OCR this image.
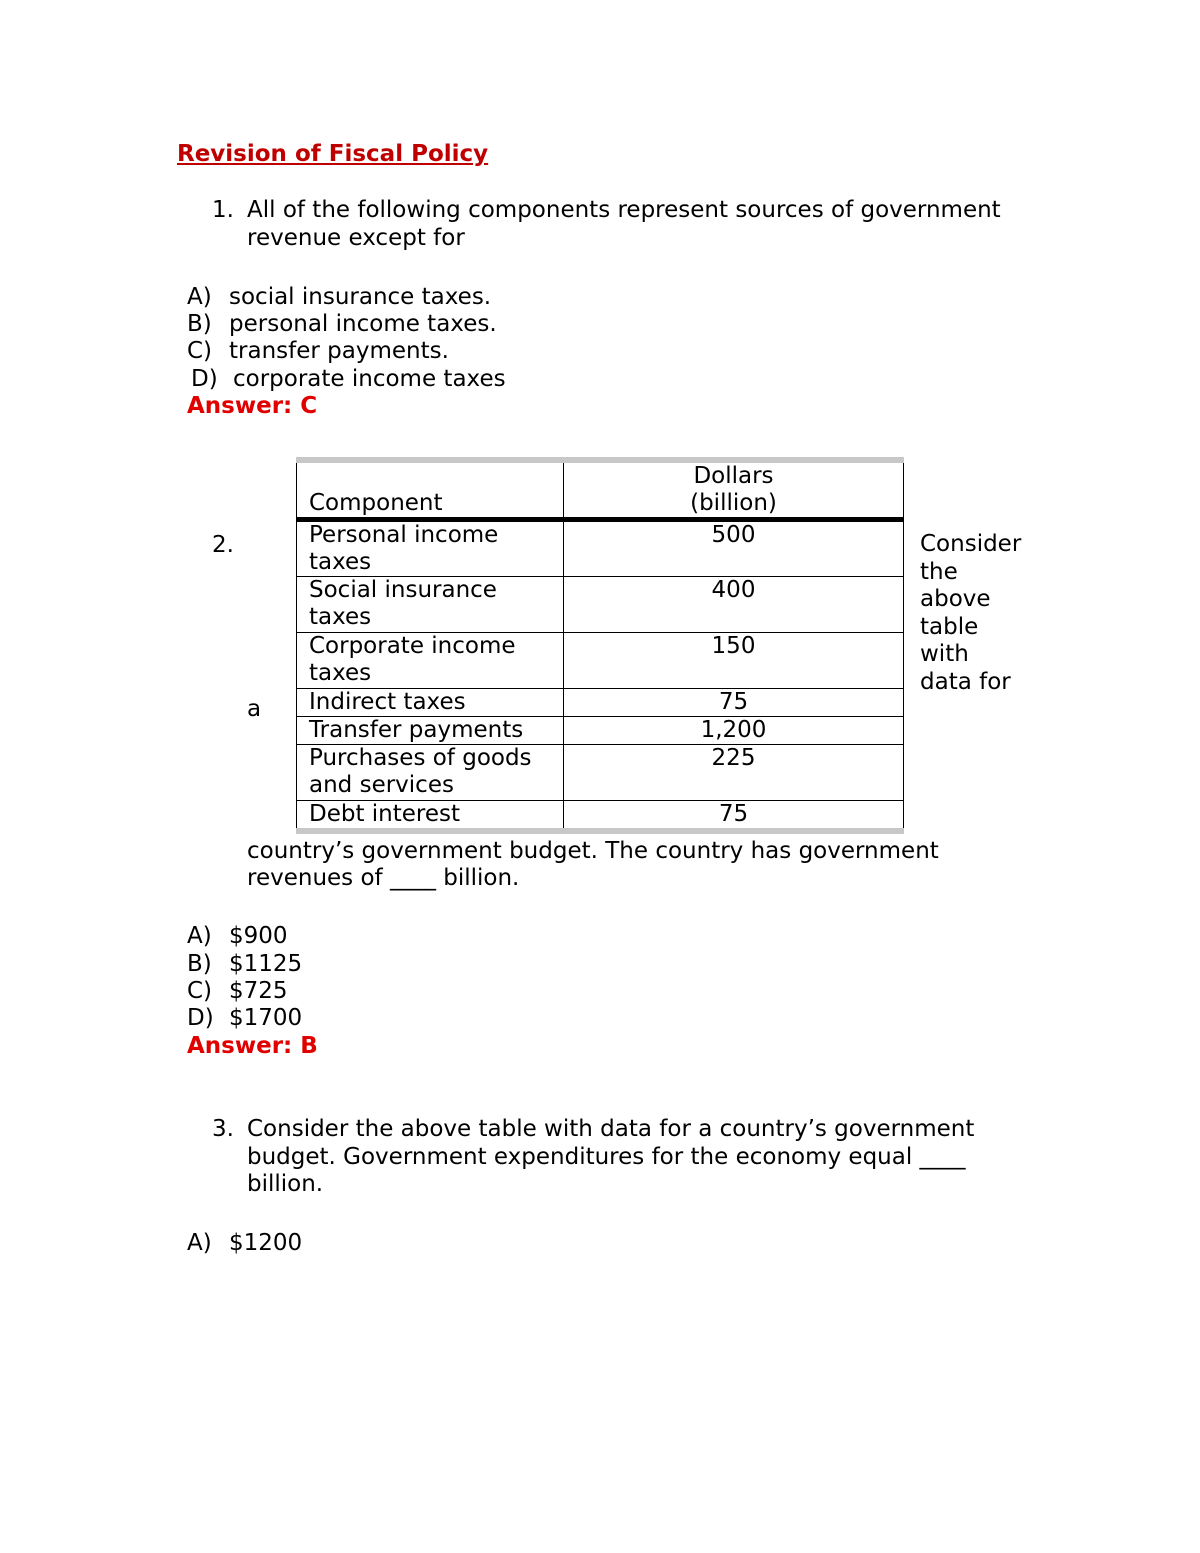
Revision of Fiscal Policy
1. All of the following components represent sources of government
revenue except for
A) social insurance taxes.
B) personal income taxes.
C) transfer payments.
D) corporate income taxes
Answer: C
2.
a
Component	Dollars
(billion)

Personal income taxes	500
Social insurance taxes	400
Corporate income taxes	150
Indirect taxes	75
Transfer payments	1,200
Purchases of goods and services	225
Debt interest	75
Consider
the
above
table
with
data for
country’s government budget. The country has government
revenues of ____ billion.
A) $900
B) $1125
C) $725
D) $1700
Answer: B
3. Consider the above table with data for a country’s government
budget. Government expenditures for the economy equal ____
billion.
A) $1200
